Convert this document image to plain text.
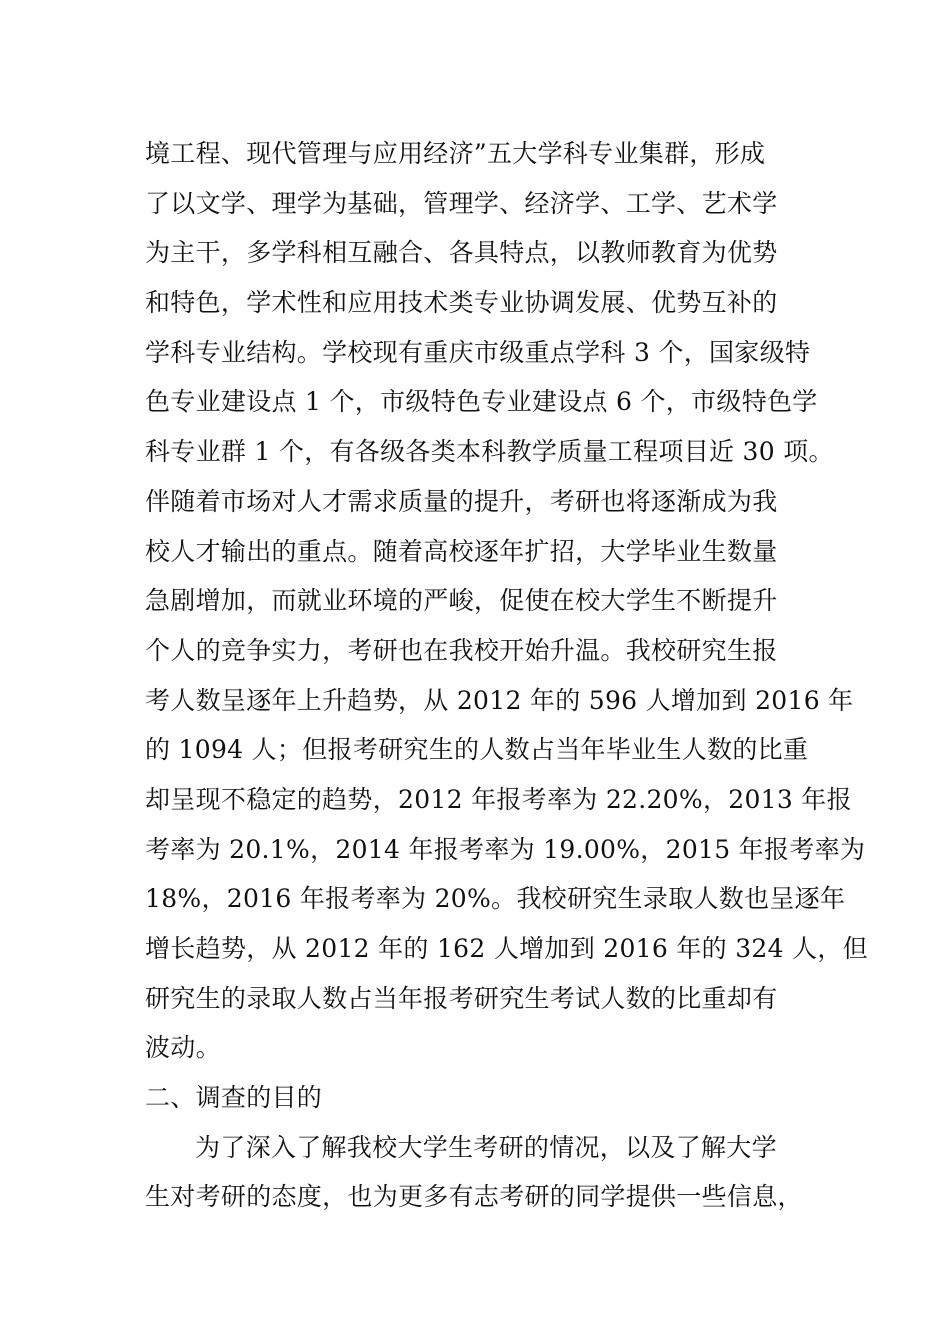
境工程、现代管理与应用经济”五大学科专业集群，形成
了以文学、理学为基础，管理学、经济学、工学、艺术学
为主干，多学科相互融合、各具特点，以教师教育为优势
和特色，学术性和应用技术类专业协调发展、优势互补的
学科专业结构。学校现有重庆市级重点学科 3 个，国家级特
色专业建设点 1 个，市级特色专业建设点 6 个，市级特色学
科专业群 1 个，有各级各类本科教学质量工程项目近 30 项。
伴随着市场对人才需求质量的提升，考研也将逐渐成为我
校人才输出的重点。随着高校逐年扩招，大学毕业生数量
急剧增加，而就业环境的严峻，促使在校大学生不断提升
个人的竞争实力，考研也在我校开始升温。我校研究生报
考人数呈逐年上升趋势，从 2012 年的 596 人增加到 2016 年
的 1094 人；但报考研究生的人数占当年毕业生人数的比重
却呈现不稳定的趋势，2012 年报考率为 22.20%，2013 年报
考率为 20.1%，2014 年报考率为 19.00%，2015 年报考率为
18%，2016 年报考率为 20%。我校研究生录取人数也呈逐年
增长趋势，从 2012 年的 162 人增加到 2016 年的 324 人，但
研究生的录取人数占当年报考研究生考试人数的比重却有
波动。
二、调查的目的
为了深入了解我校大学生考研的情况，以及了解大学
生对考研的态度，也为更多有志考研的同学提供一些信息，
